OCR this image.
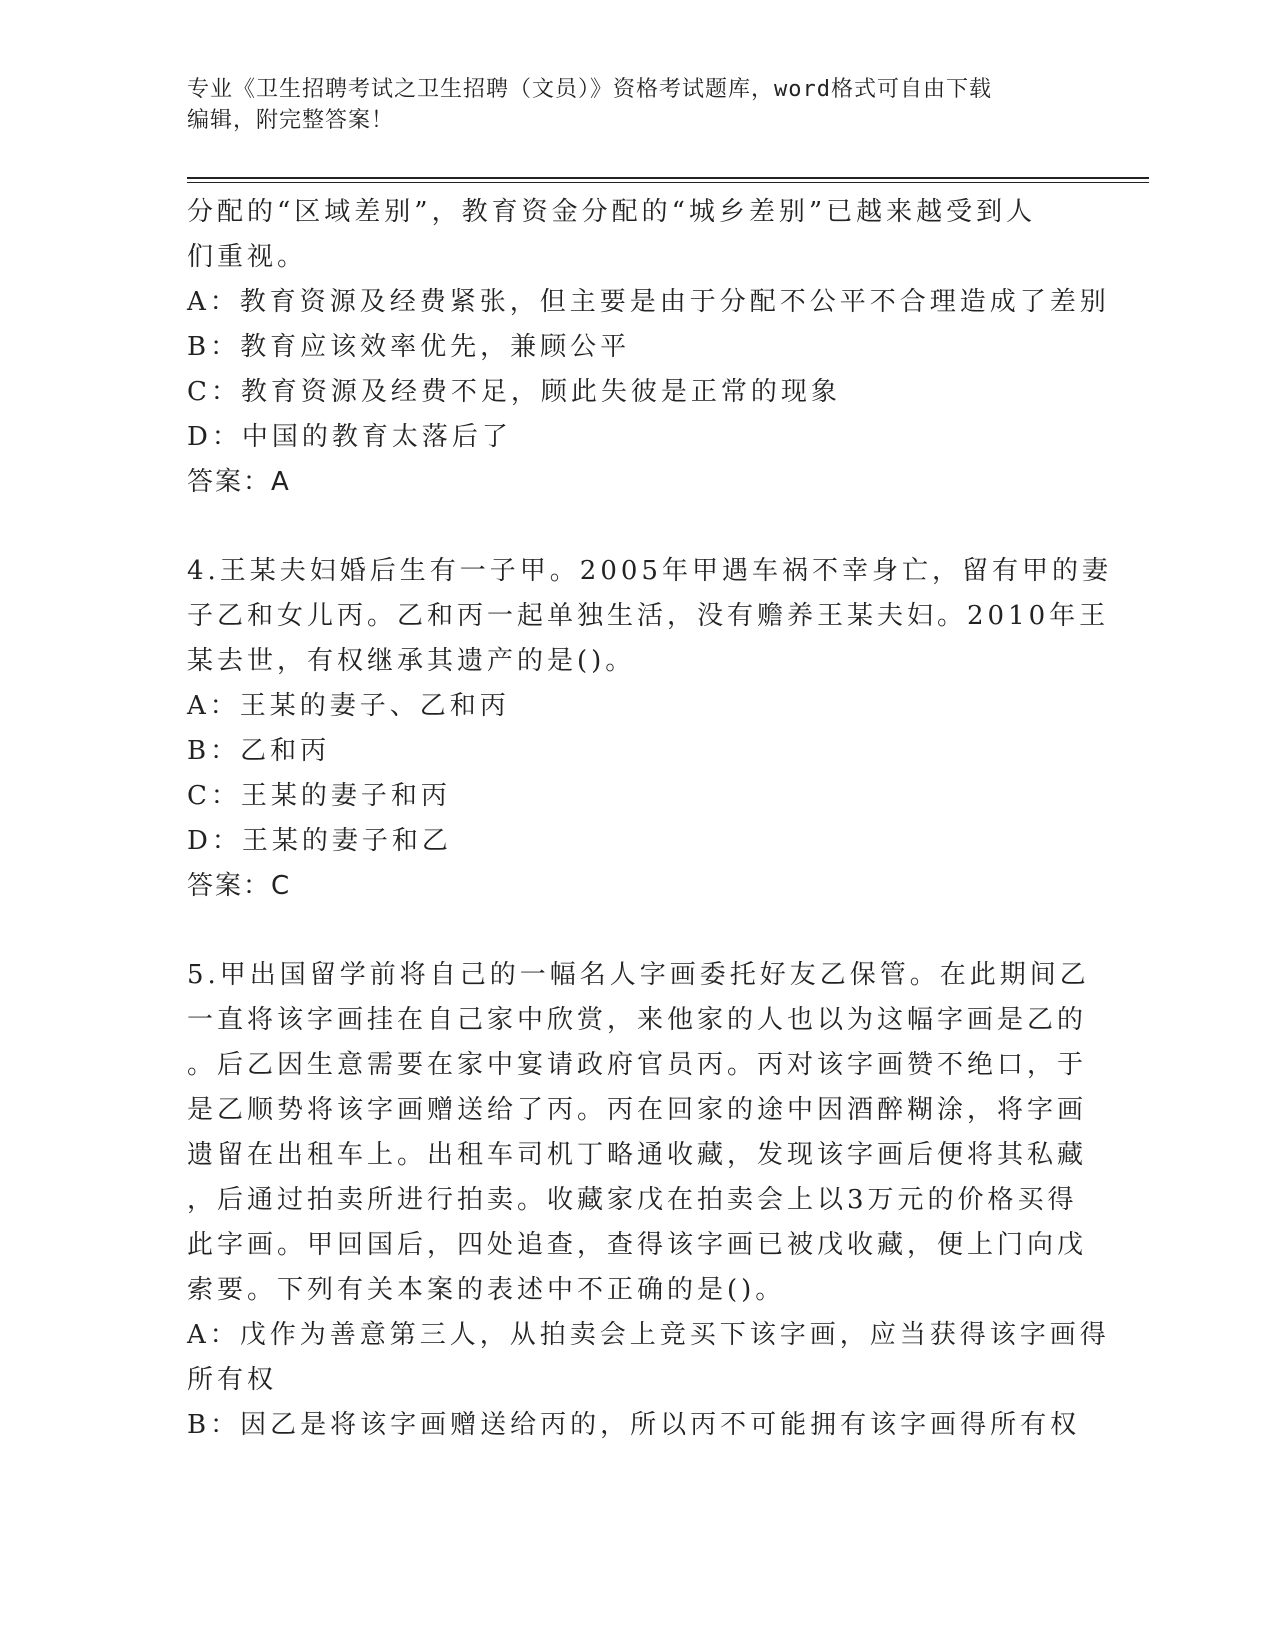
专业《卫生招聘考试之卫生招聘（文员）》资格考试题库，word格式可自由下载
编辑，附完整答案！
分配的“区域差别”，教育资金分配的“城乡差别”已越来越受到人
们重视。
A：教育资源及经费紧张，但主要是由于分配不公平不合理造成了差别
B：教育应该效率优先，兼顾公平
C：教育资源及经费不足，顾此失彼是正常的现象
D：中国的教育太落后了
答案：A
4.王某夫妇婚后生有一子甲。2005年甲遇车祸不幸身亡，留有甲的妻
子乙和女儿丙。乙和丙一起单独生活，没有赡养王某夫妇。2010年王
某去世，有权继承其遗产的是()。
A：王某的妻子、乙和丙
B：乙和丙
C：王某的妻子和丙
D：王某的妻子和乙
答案：C
5.甲出国留学前将自己的一幅名人字画委托好友乙保管。在此期间乙
一直将该字画挂在自己家中欣赏，来他家的人也以为这幅字画是乙的
。后乙因生意需要在家中宴请政府官员丙。丙对该字画赞不绝口，于
是乙顺势将该字画赠送给了丙。丙在回家的途中因酒醉糊涂，将字画
遗留在出租车上。出租车司机丁略通收藏，发现该字画后便将其私藏
，后通过拍卖所进行拍卖。收藏家戊在拍卖会上以3万元的价格买得
此字画。甲回国后，四处追查，查得该字画已被戊收藏，便上门向戊
索要。下列有关本案的表述中不正确的是()。
A：戊作为善意第三人，从拍卖会上竞买下该字画，应当获得该字画得
所有权
B：因乙是将该字画赠送给丙的，所以丙不可能拥有该字画得所有权
